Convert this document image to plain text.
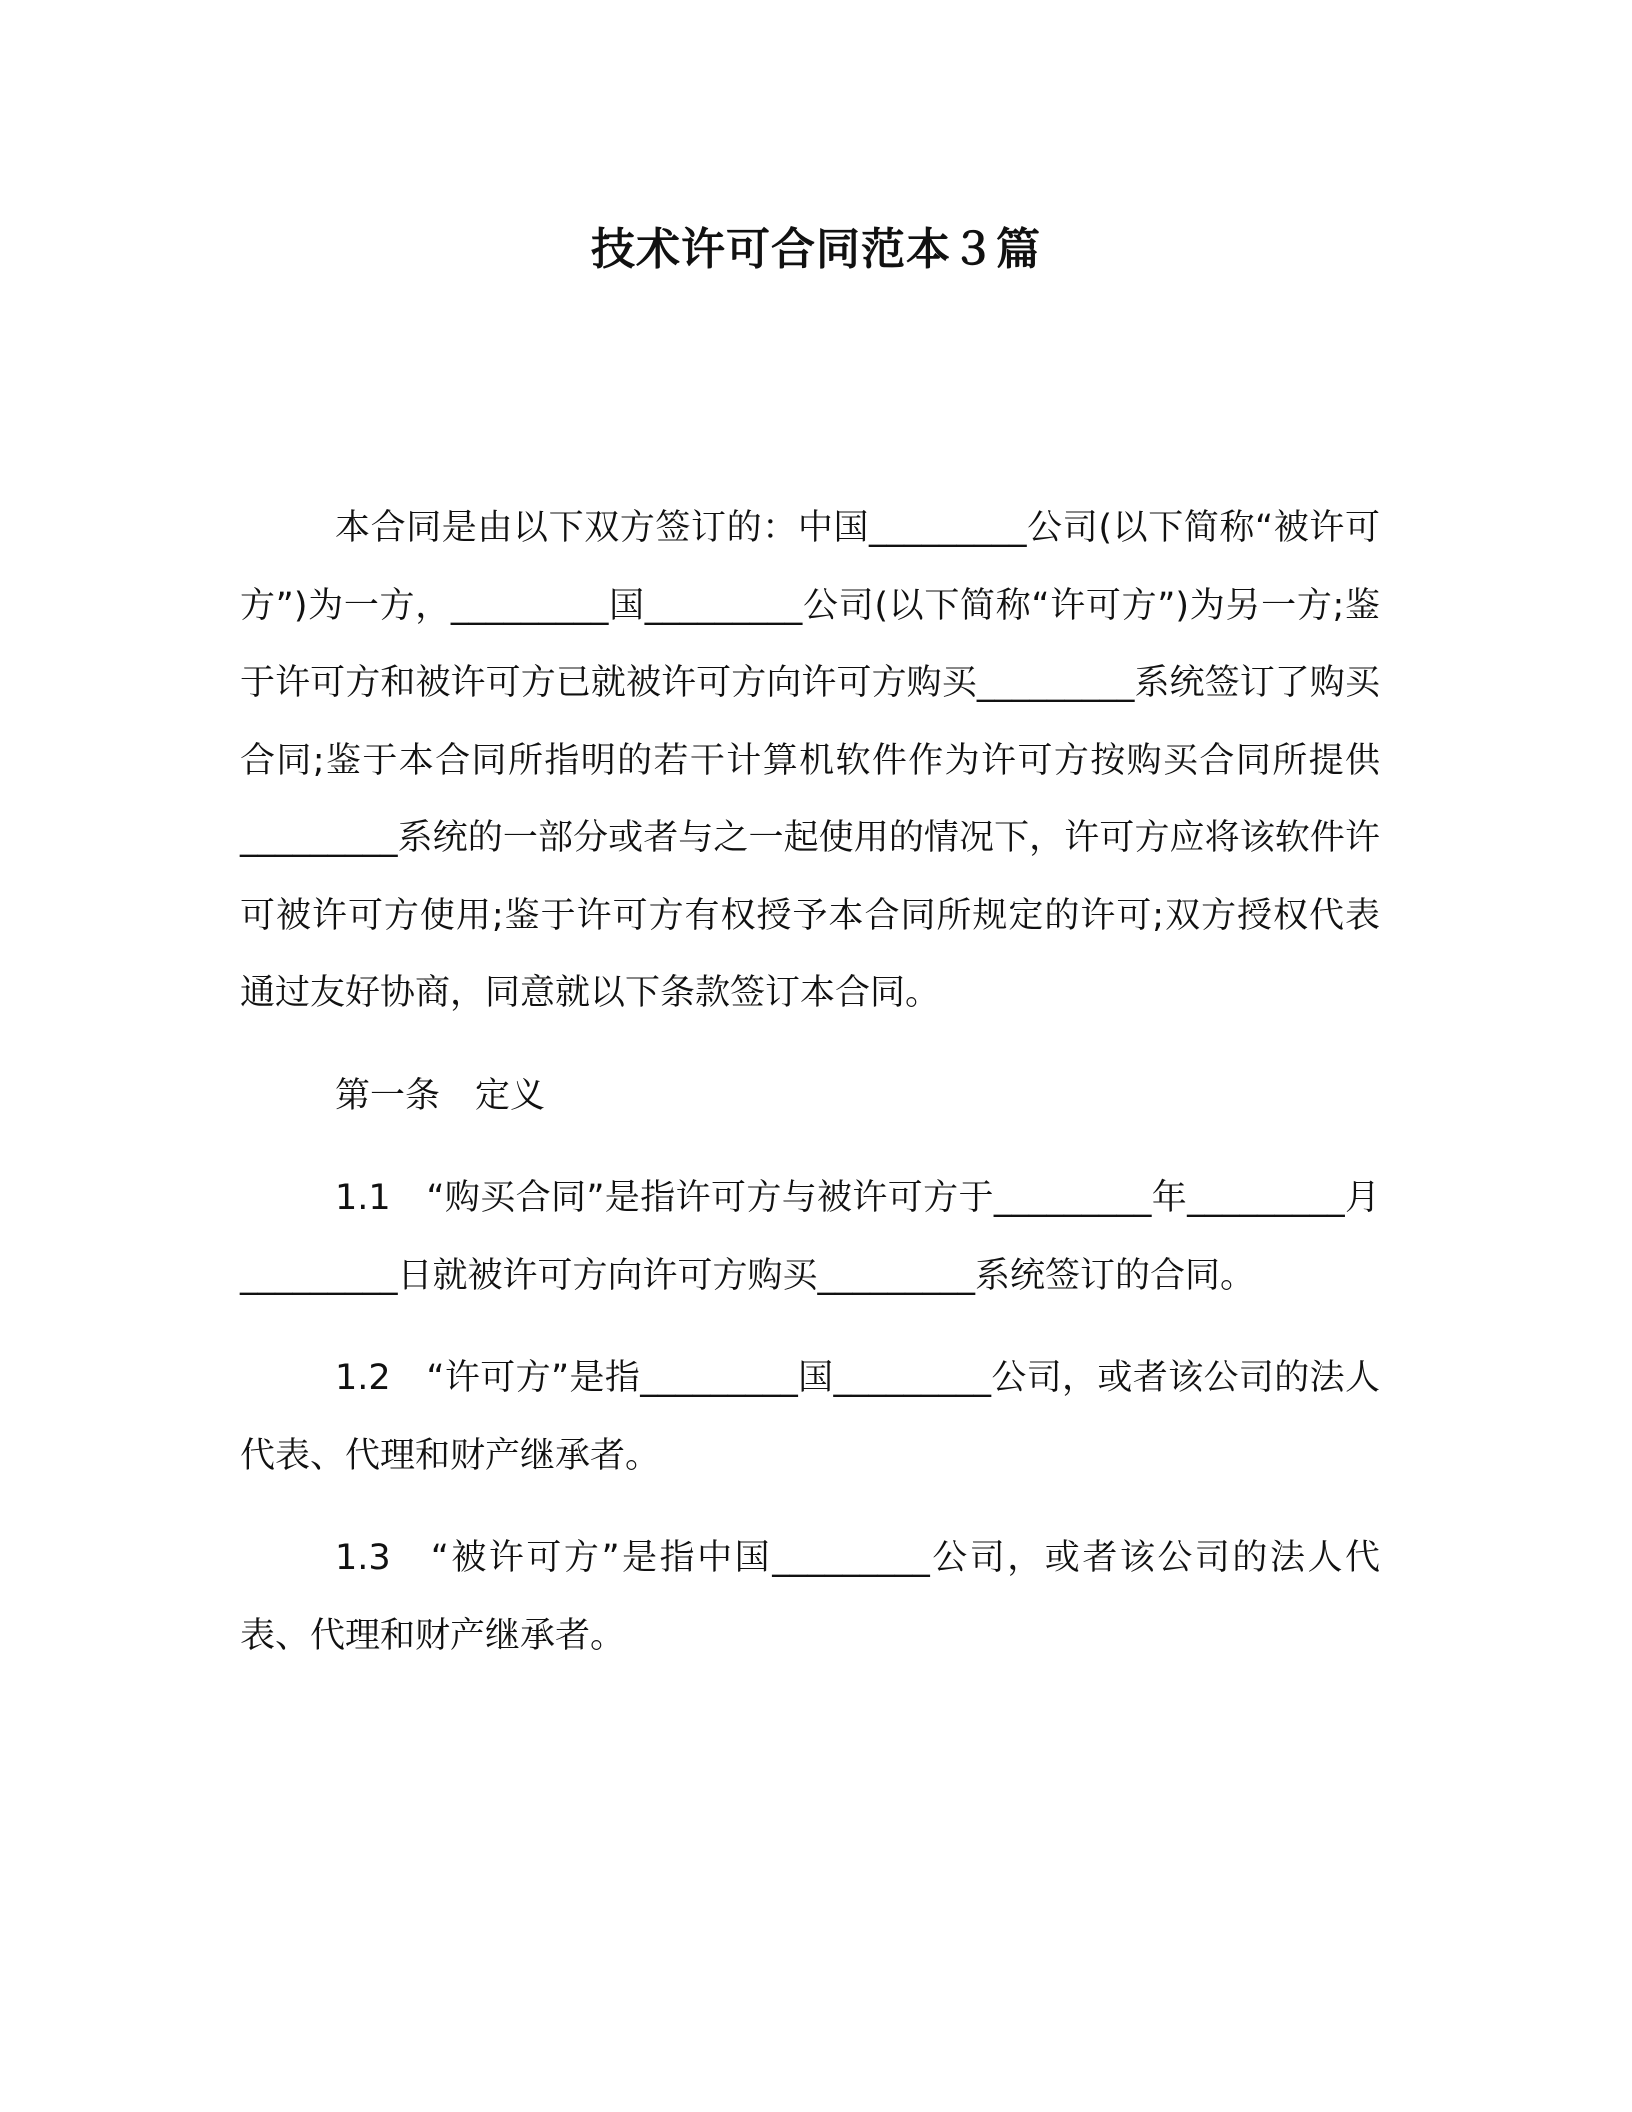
技术许可合同范本３篇

本合同是由以下双方签订的：中国_________公司(以下简称“被许可方”)为一方，_________国_________公司(以下简称“许可方”)为另一方;鉴于许可方和被许可方已就被许可方向许可方购买_________系统签订了购买合同;鉴于本合同所指明的若干计算机软件作为许可方按购买合同所提供_________系统的一部分或者与之一起使用的情况下，许可方应将该软件许可被许可方使用;鉴于许可方有权授予本合同所规定的许可;双方授权代表通过友好协商，同意就以下条款签订本合同。

第一条　定义

1.1　“购买合同”是指许可方与被许可方于_________年_________月_________日就被许可方向许可方购买_________系统签订的合同。

1.2　“许可方”是指_________国_________公司，或者该公司的法人代表、代理和财产继承者。

1.3　“被许可方”是指中国_________公司，或者该公司的法人代表、代理和财产继承者。
